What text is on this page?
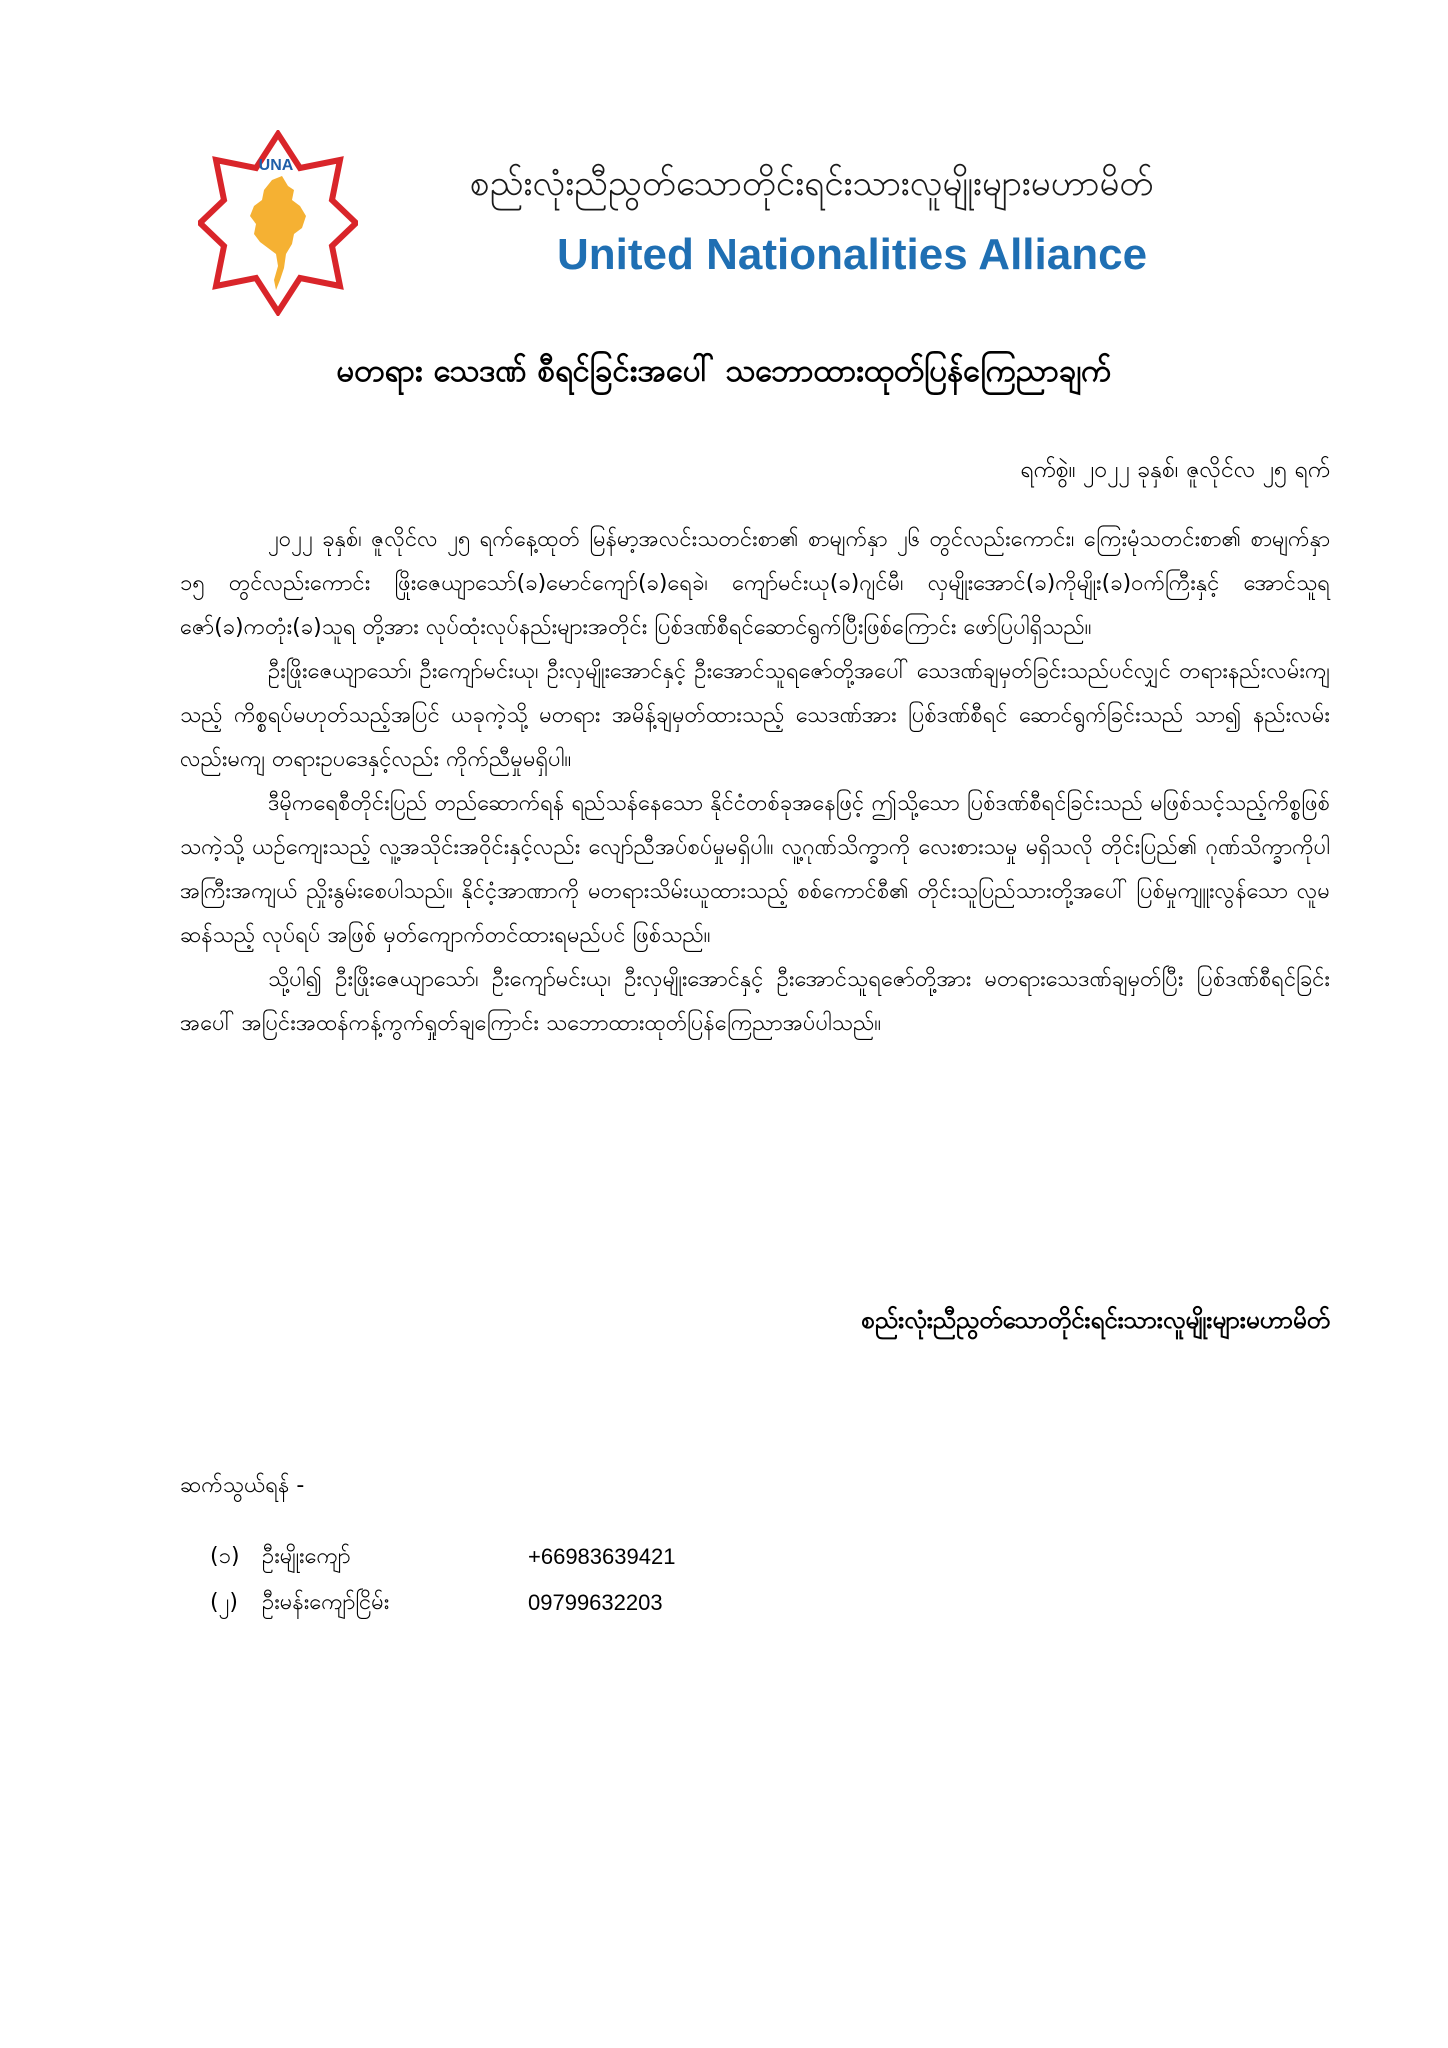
UNA	စည်းလုံးညီညွတ်သောတိုင်းရင်းသားလူမျိုးများမဟာမိတ်
United Nationalities Alliance
မတရား သေဒဏ် စီရင်ခြင်းအပေါ် သဘောထားထုတ်ပြန်ကြေညာချက်
ရက်စွဲ။ ၂၀၂၂ ခုနှစ်၊ ဇူလိုင်လ ၂၅ ရက်

၂၀၂၂ ခုနှစ်၊ ဇူလိုင်လ ၂၅ ရက်နေ့ထုတ် မြန်မာ့အလင်းသတင်းစာ၏ စာမျက်နှာ ၂၆ တွင်လည်းကောင်း၊ ကြေးမုံသတင်းစာ၏ စာမျက်နှာ ၁၅ တွင်လည်းကောင်း ဖြိုးဇေယျာသော်(ခ)မောင်ကျော်(ခ)ရေခဲ၊ ကျော်မင်းယု(ခ)ဂျင်မီ၊ လှမျိုးအောင်(ခ)ကိုမျိုး(ခ)ဝက်ကြီးနှင့် အောင်သူရဇော်(ခ)ကတုံး(ခ)သူရ တို့အား လုပ်ထုံးလုပ်နည်းများအတိုင်း ပြစ်ဒဏ်စီရင်ဆောင်ရွက်ပြီးဖြစ်ကြောင်း ဖော်ပြပါရှိသည်။

ဦးဖြိုးဇေယျာသော်၊ ဦးကျော်မင်းယု၊ ဦးလှမျိုးအောင်နှင့် ဦးအောင်သူရဇော်တို့အပေါ် သေဒဏ်ချမှတ်ခြင်းသည်ပင်လျှင် တရားနည်းလမ်းကျသည့် ကိစ္စရပ်မဟုတ်သည့်အပြင် ယခုကဲ့သို့ မတရား အမိန့်ချမှတ်ထားသည့် သေဒဏ်အား ပြစ်ဒဏ်စီရင် ဆောင်ရွက်ခြင်းသည် သာ၍ နည်းလမ်းလည်းမကျ တရားဥပဒေနှင့်လည်း ကိုက်ညီမှုမရှိပါ။

ဒီမိုကရေစီတိုင်းပြည် တည်ဆောက်ရန် ရည်သန်နေသော နိုင်ငံတစ်ခုအနေဖြင့် ဤသို့သော ပြစ်ဒဏ်စီရင်ခြင်းသည် မဖြစ်သင့်သည့်ကိစ္စဖြစ်သကဲ့သို့ ယဉ်ကျေးသည့် လူ့အသိုင်းအဝိုင်းနှင့်လည်း လျော်ညီအပ်စပ်မှုမရှိပါ။ လူ့ဂုဏ်သိက္ခာကို လေးစားသမှု မရှိသလို တိုင်းပြည်၏ ဂုဏ်သိက္ခာကိုပါ အကြီးအကျယ် ညှိုးနွမ်းစေပါသည်။ နိုင်ငံ့အာဏာကို မတရားသိမ်းယူထားသည့် စစ်ကောင်စီ၏ တိုင်းသူပြည်သားတို့အပေါ် ပြစ်မှုကျူးလွန်သော လူမဆန်သည့် လုပ်ရပ် အဖြစ် မှတ်ကျောက်တင်ထားရမည်ပင် ဖြစ်သည်။

သို့ပါ၍ ဦးဖြိုးဇေယျာသော်၊ ဦးကျော်မင်းယု၊ ဦးလှမျိုးအောင်နှင့် ဦးအောင်သူရဇော်တို့အား မတရားသေဒဏ်ချမှတ်ပြီး ပြစ်ဒဏ်စီရင်ခြင်းအပေါ် အပြင်းအထန်ကန့်ကွက်ရှုတ်ချကြောင်း သဘောထားထုတ်ပြန်ကြေညာအပ်ပါသည်။

စည်းလုံးညီညွတ်သောတိုင်းရင်းသားလူမျိုးများမဟာမိတ်
ဆက်သွယ်ရန် -
(၁) ဦးမျိုးကျော်	+66983639421
(၂) ဦးမန်းကျော်ငြိမ်း	09799632203
